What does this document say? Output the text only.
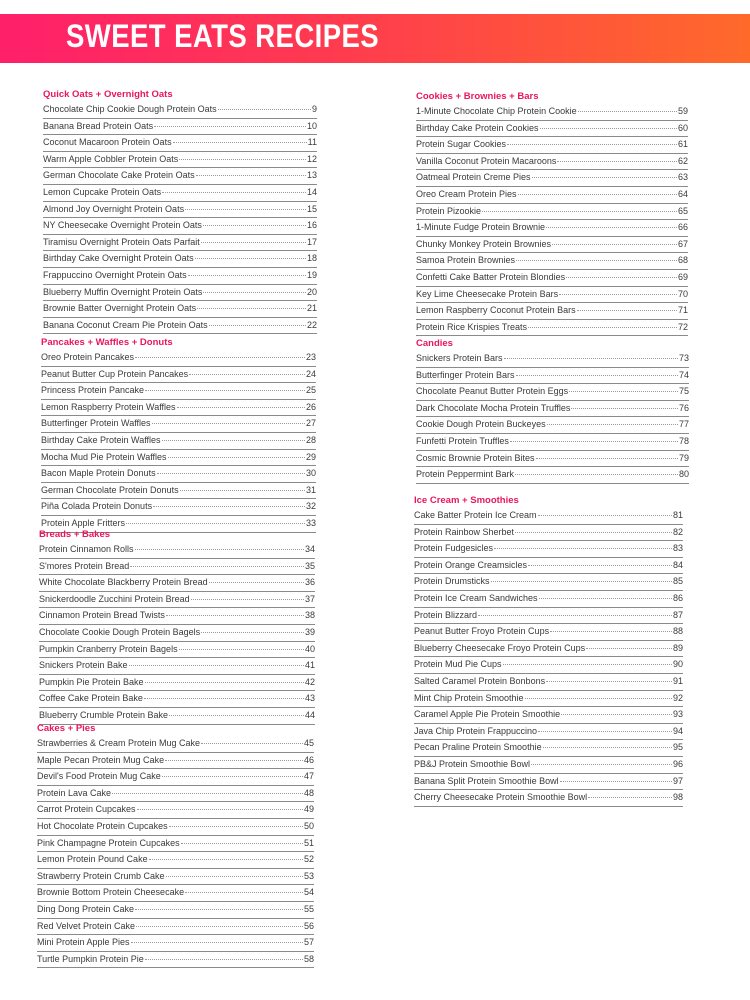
SWEET EATS RECIPES
Quick Oats + Overnight Oats
Chocolate Chip Cookie Dough Protein Oats	9
Banana Bread Protein Oats	10
Coconut Macaroon Protein Oats	11
Warm Apple Cobbler Protein Oats	12
German Chocolate Cake Protein Oats	13
Lemon Cupcake Protein Oats	14
Almond Joy Overnight Protein Oats	15
NY Cheesecake Overnight Protein Oats	16
Tiramisu Overnight Protein Oats Parfait	17
Birthday Cake Overnight Protein Oats	18
Frappuccino Overnight Protein Oats	19
Blueberry Muffin Overnight Protein Oats	20
Brownie Batter Overnight Protein Oats	21
Banana Coconut Cream Pie Protein Oats	22
Pancakes + Waffles + Donuts
Oreo Protein Pancakes	23
Peanut Butter Cup Protein Pancakes	24
Princess Protein Pancake	25
Lemon Raspberry Protein Waffles	26
Butterfinger Protein Waffles	27
Birthday Cake Protein Waffles	28
Mocha Mud Pie Protein Waffles	29
Bacon Maple Protein Donuts	30
German Chocolate Protein Donuts	31
Piña Colada Protein Donuts	32
Protein Apple Fritters	33
Breads + Bakes
Protein Cinnamon Rolls	34
S'mores Protein Bread	35
White Chocolate Blackberry Protein Bread	36
Snickerdoodle Zucchini Protein Bread	37
Cinnamon Protein Bread Twists	38
Chocolate Cookie Dough Protein Bagels	39
Pumpkin Cranberry Protein Bagels	40
Snickers Protein Bake	41
Pumpkin Pie Protein Bake	42
Coffee Cake Protein Bake	43
Blueberry Crumble Protein Bake	44
Cakes + Pies
Strawberries & Cream Protein Mug Cake	45
Maple Pecan Protein Mug Cake	46
Devil's Food Protein Mug Cake	47
Protein Lava Cake	48
Carrot Protein Cupcakes	49
Hot Chocolate Protein Cupcakes	50
Pink Champagne Protein Cupcakes	51
Lemon Protein Pound Cake	52
Strawberry Protein Crumb Cake	53
Brownie Bottom Protein Cheesecake	54
Ding Dong Protein Cake	55
Red Velvet Protein Cake	56
Mini Protein Apple Pies	57
Turtle Pumpkin Protein Pie	58
Cookies + Brownies + Bars
1-Minute Chocolate Chip Protein Cookie	59
Birthday Cake Protein Cookies	60
Protein Sugar Cookies	61
Vanilla Coconut Protein Macaroons	62
Oatmeal Protein Creme Pies	63
Oreo Cream Protein Pies	64
Protein Pizookie	65
1-Minute Fudge Protein Brownie	66
Chunky Monkey Protein Brownies	67
Samoa Protein Brownies	68
Confetti Cake Batter Protein Blondies	69
Key Lime Cheesecake Protein Bars	70
Lemon Raspberry Coconut Protein Bars	71
Protein Rice Krispies Treats	72
Candies
Snickers Protein Bars	73
Butterfinger Protein Bars	74
Chocolate Peanut Butter Protein Eggs	75
Dark Chocolate Mocha Protein Truffles	76
Cookie Dough Protein Buckeyes	77
Funfetti Protein Truffles	78
Cosmic Brownie Protein Bites	79
Protein Peppermint Bark	80
Ice Cream + Smoothies
Cake Batter Protein Ice Cream	81
Protein Rainbow Sherbet	82
Protein Fudgesicles	83
Protein Orange Creamsicles	84
Protein Drumsticks	85
Protein Ice Cream Sandwiches	86
Protein Blizzard	87
Peanut Butter Froyo Protein Cups	88
Blueberry Cheesecake Froyo Protein Cups	89
Protein Mud Pie Cups	90
Salted Caramel Protein Bonbons	91
Mint Chip Protein Smoothie	92
Caramel Apple Pie Protein Smoothie	93
Java Chip Protein Frappuccino	94
Pecan Praline Protein Smoothie	95
PB&J Protein Smoothie Bowl	96
Banana Split Protein Smoothie Bowl	97
Cherry Cheesecake Protein Smoothie Bowl	98
